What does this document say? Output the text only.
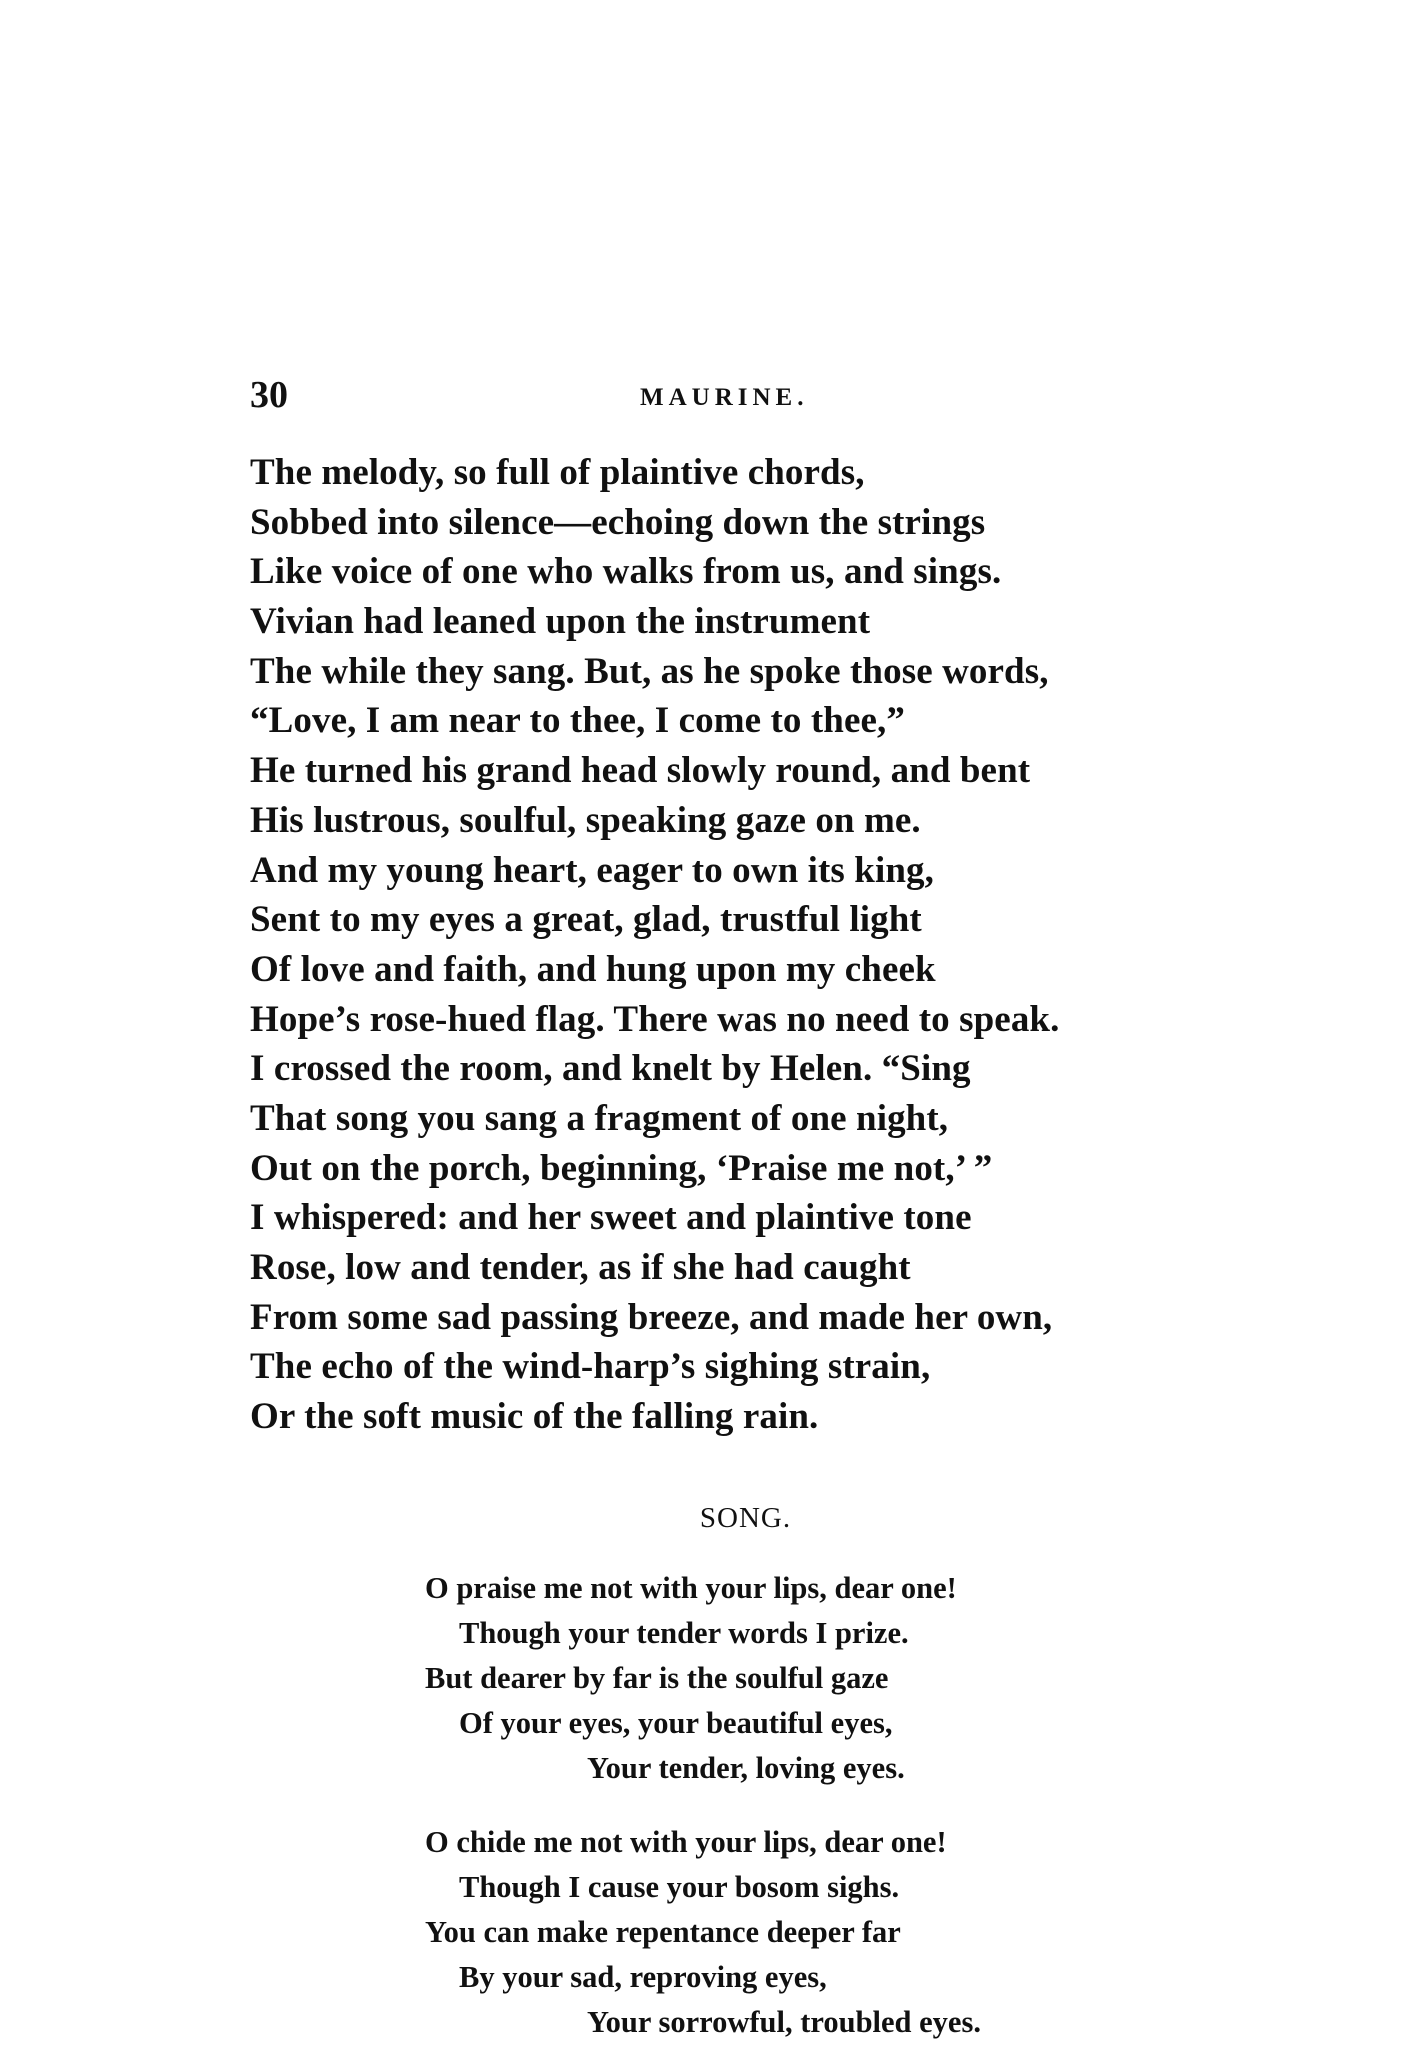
30	MAURINE.
The melody, so full of plaintive chords,
Sobbed into silence—echoing down the strings
Like voice of one who walks from us, and sings.
Vivian had leaned upon the instrument
The while they sang. But, as he spoke those words,
“Love, I am near to thee, I come to thee,”
He turned his grand head slowly round, and bent
His lustrous, soulful, speaking gaze on me.
And my young heart, eager to own its king,
Sent to my eyes a great, glad, trustful light
Of love and faith, and hung upon my cheek
Hope’s rose-hued flag. There was no need to speak.
I crossed the room, and knelt by Helen. “Sing
That song you sang a fragment of one night,
Out on the porch, beginning, ‘Praise me not,’ ”
I whispered: and her sweet and plaintive tone
Rose, low and tender, as if she had caught
From some sad passing breeze, and made her own,
The echo of the wind-harp’s sighing strain,
Or the soft music of the falling rain.
SONG.
O praise me not with your lips, dear one!
Though your tender words I prize.
But dearer by far is the soulful gaze
Of your eyes, your beautiful eyes,
Your tender, loving eyes.
O chide me not with your lips, dear one!
Though I cause your bosom sighs.
You can make repentance deeper far
By your sad, reproving eyes,
Your sorrowful, troubled eyes.
